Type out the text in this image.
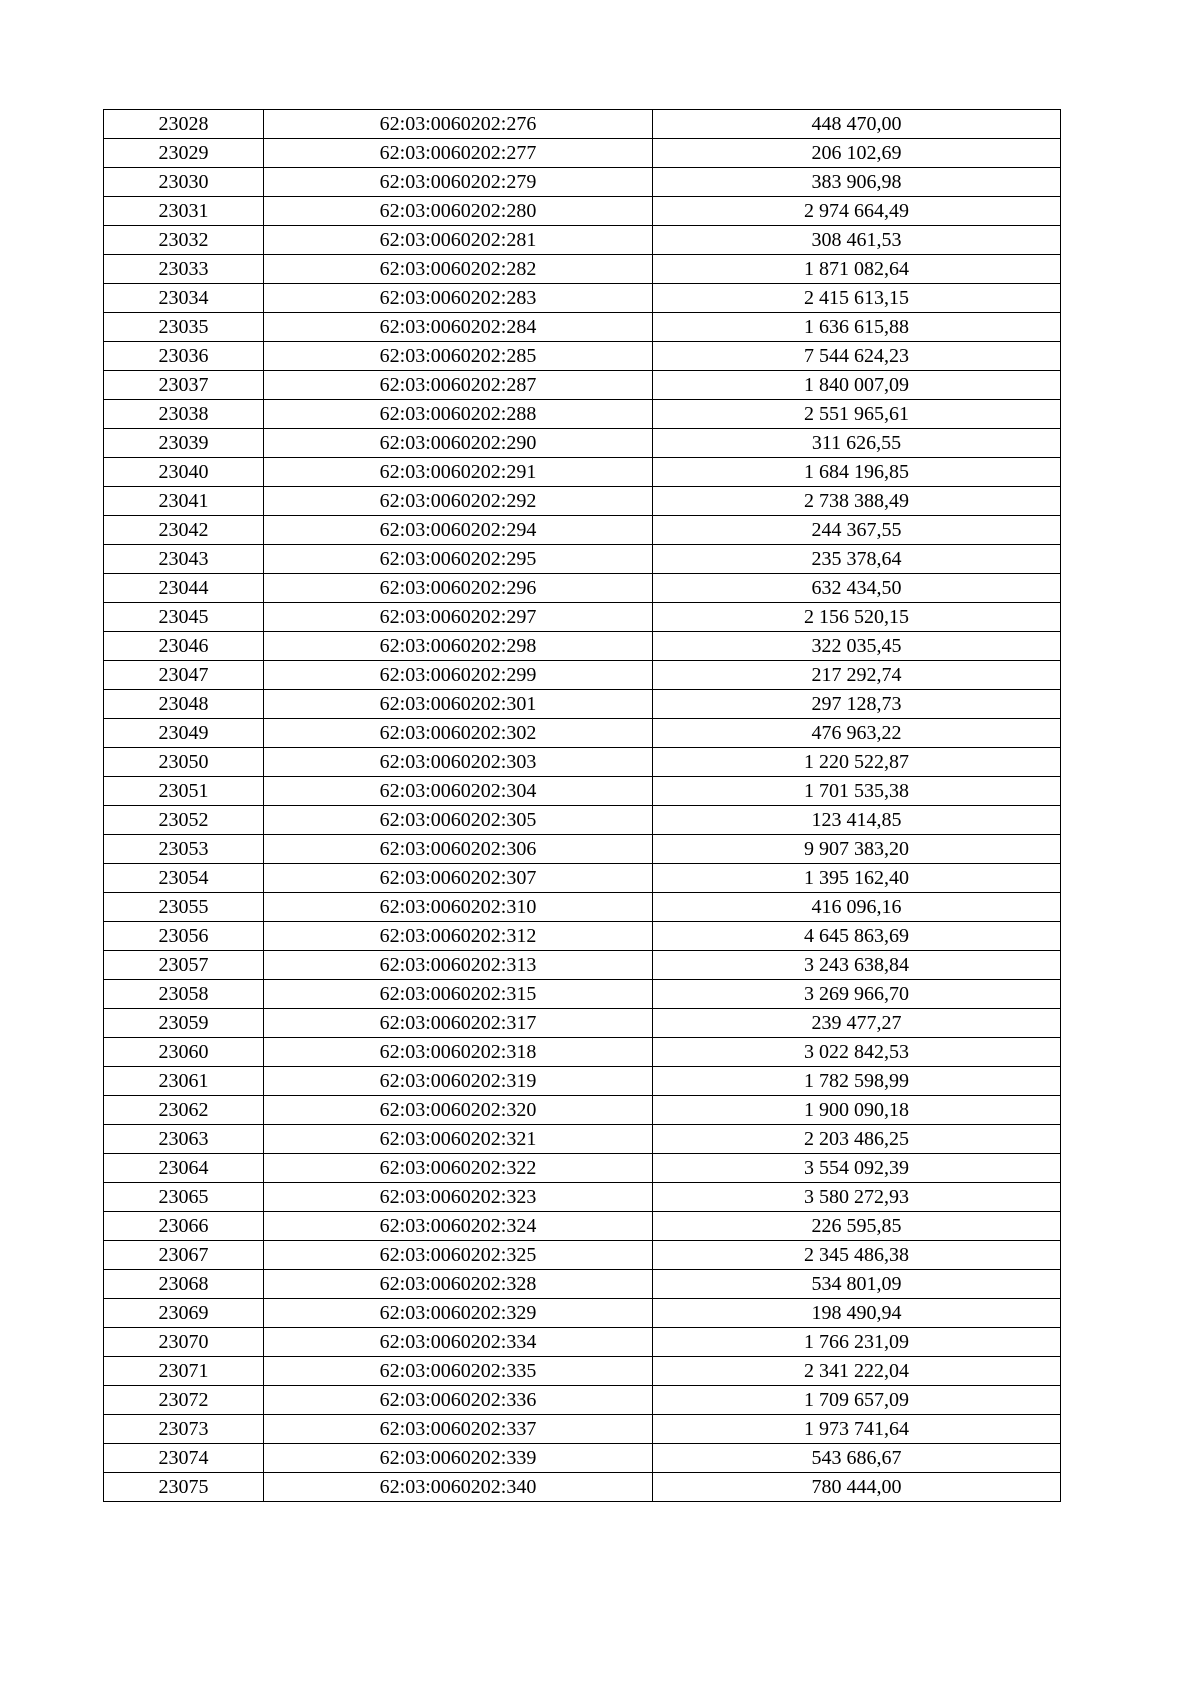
23028	62:03:0060202:276	448 470,00
23029	62:03:0060202:277	206 102,69
23030	62:03:0060202:279	383 906,98
23031	62:03:0060202:280	2 974 664,49
23032	62:03:0060202:281	308 461,53
23033	62:03:0060202:282	1 871 082,64
23034	62:03:0060202:283	2 415 613,15
23035	62:03:0060202:284	1 636 615,88
23036	62:03:0060202:285	7 544 624,23
23037	62:03:0060202:287	1 840 007,09
23038	62:03:0060202:288	2 551 965,61
23039	62:03:0060202:290	311 626,55
23040	62:03:0060202:291	1 684 196,85
23041	62:03:0060202:292	2 738 388,49
23042	62:03:0060202:294	244 367,55
23043	62:03:0060202:295	235 378,64
23044	62:03:0060202:296	632 434,50
23045	62:03:0060202:297	2 156 520,15
23046	62:03:0060202:298	322 035,45
23047	62:03:0060202:299	217 292,74
23048	62:03:0060202:301	297 128,73
23049	62:03:0060202:302	476 963,22
23050	62:03:0060202:303	1 220 522,87
23051	62:03:0060202:304	1 701 535,38
23052	62:03:0060202:305	123 414,85
23053	62:03:0060202:306	9 907 383,20
23054	62:03:0060202:307	1 395 162,40
23055	62:03:0060202:310	416 096,16
23056	62:03:0060202:312	4 645 863,69
23057	62:03:0060202:313	3 243 638,84
23058	62:03:0060202:315	3 269 966,70
23059	62:03:0060202:317	239 477,27
23060	62:03:0060202:318	3 022 842,53
23061	62:03:0060202:319	1 782 598,99
23062	62:03:0060202:320	1 900 090,18
23063	62:03:0060202:321	2 203 486,25
23064	62:03:0060202:322	3 554 092,39
23065	62:03:0060202:323	3 580 272,93
23066	62:03:0060202:324	226 595,85
23067	62:03:0060202:325	2 345 486,38
23068	62:03:0060202:328	534 801,09
23069	62:03:0060202:329	198 490,94
23070	62:03:0060202:334	1 766 231,09
23071	62:03:0060202:335	2 341 222,04
23072	62:03:0060202:336	1 709 657,09
23073	62:03:0060202:337	1 973 741,64
23074	62:03:0060202:339	543 686,67
23075	62:03:0060202:340	780 444,00
